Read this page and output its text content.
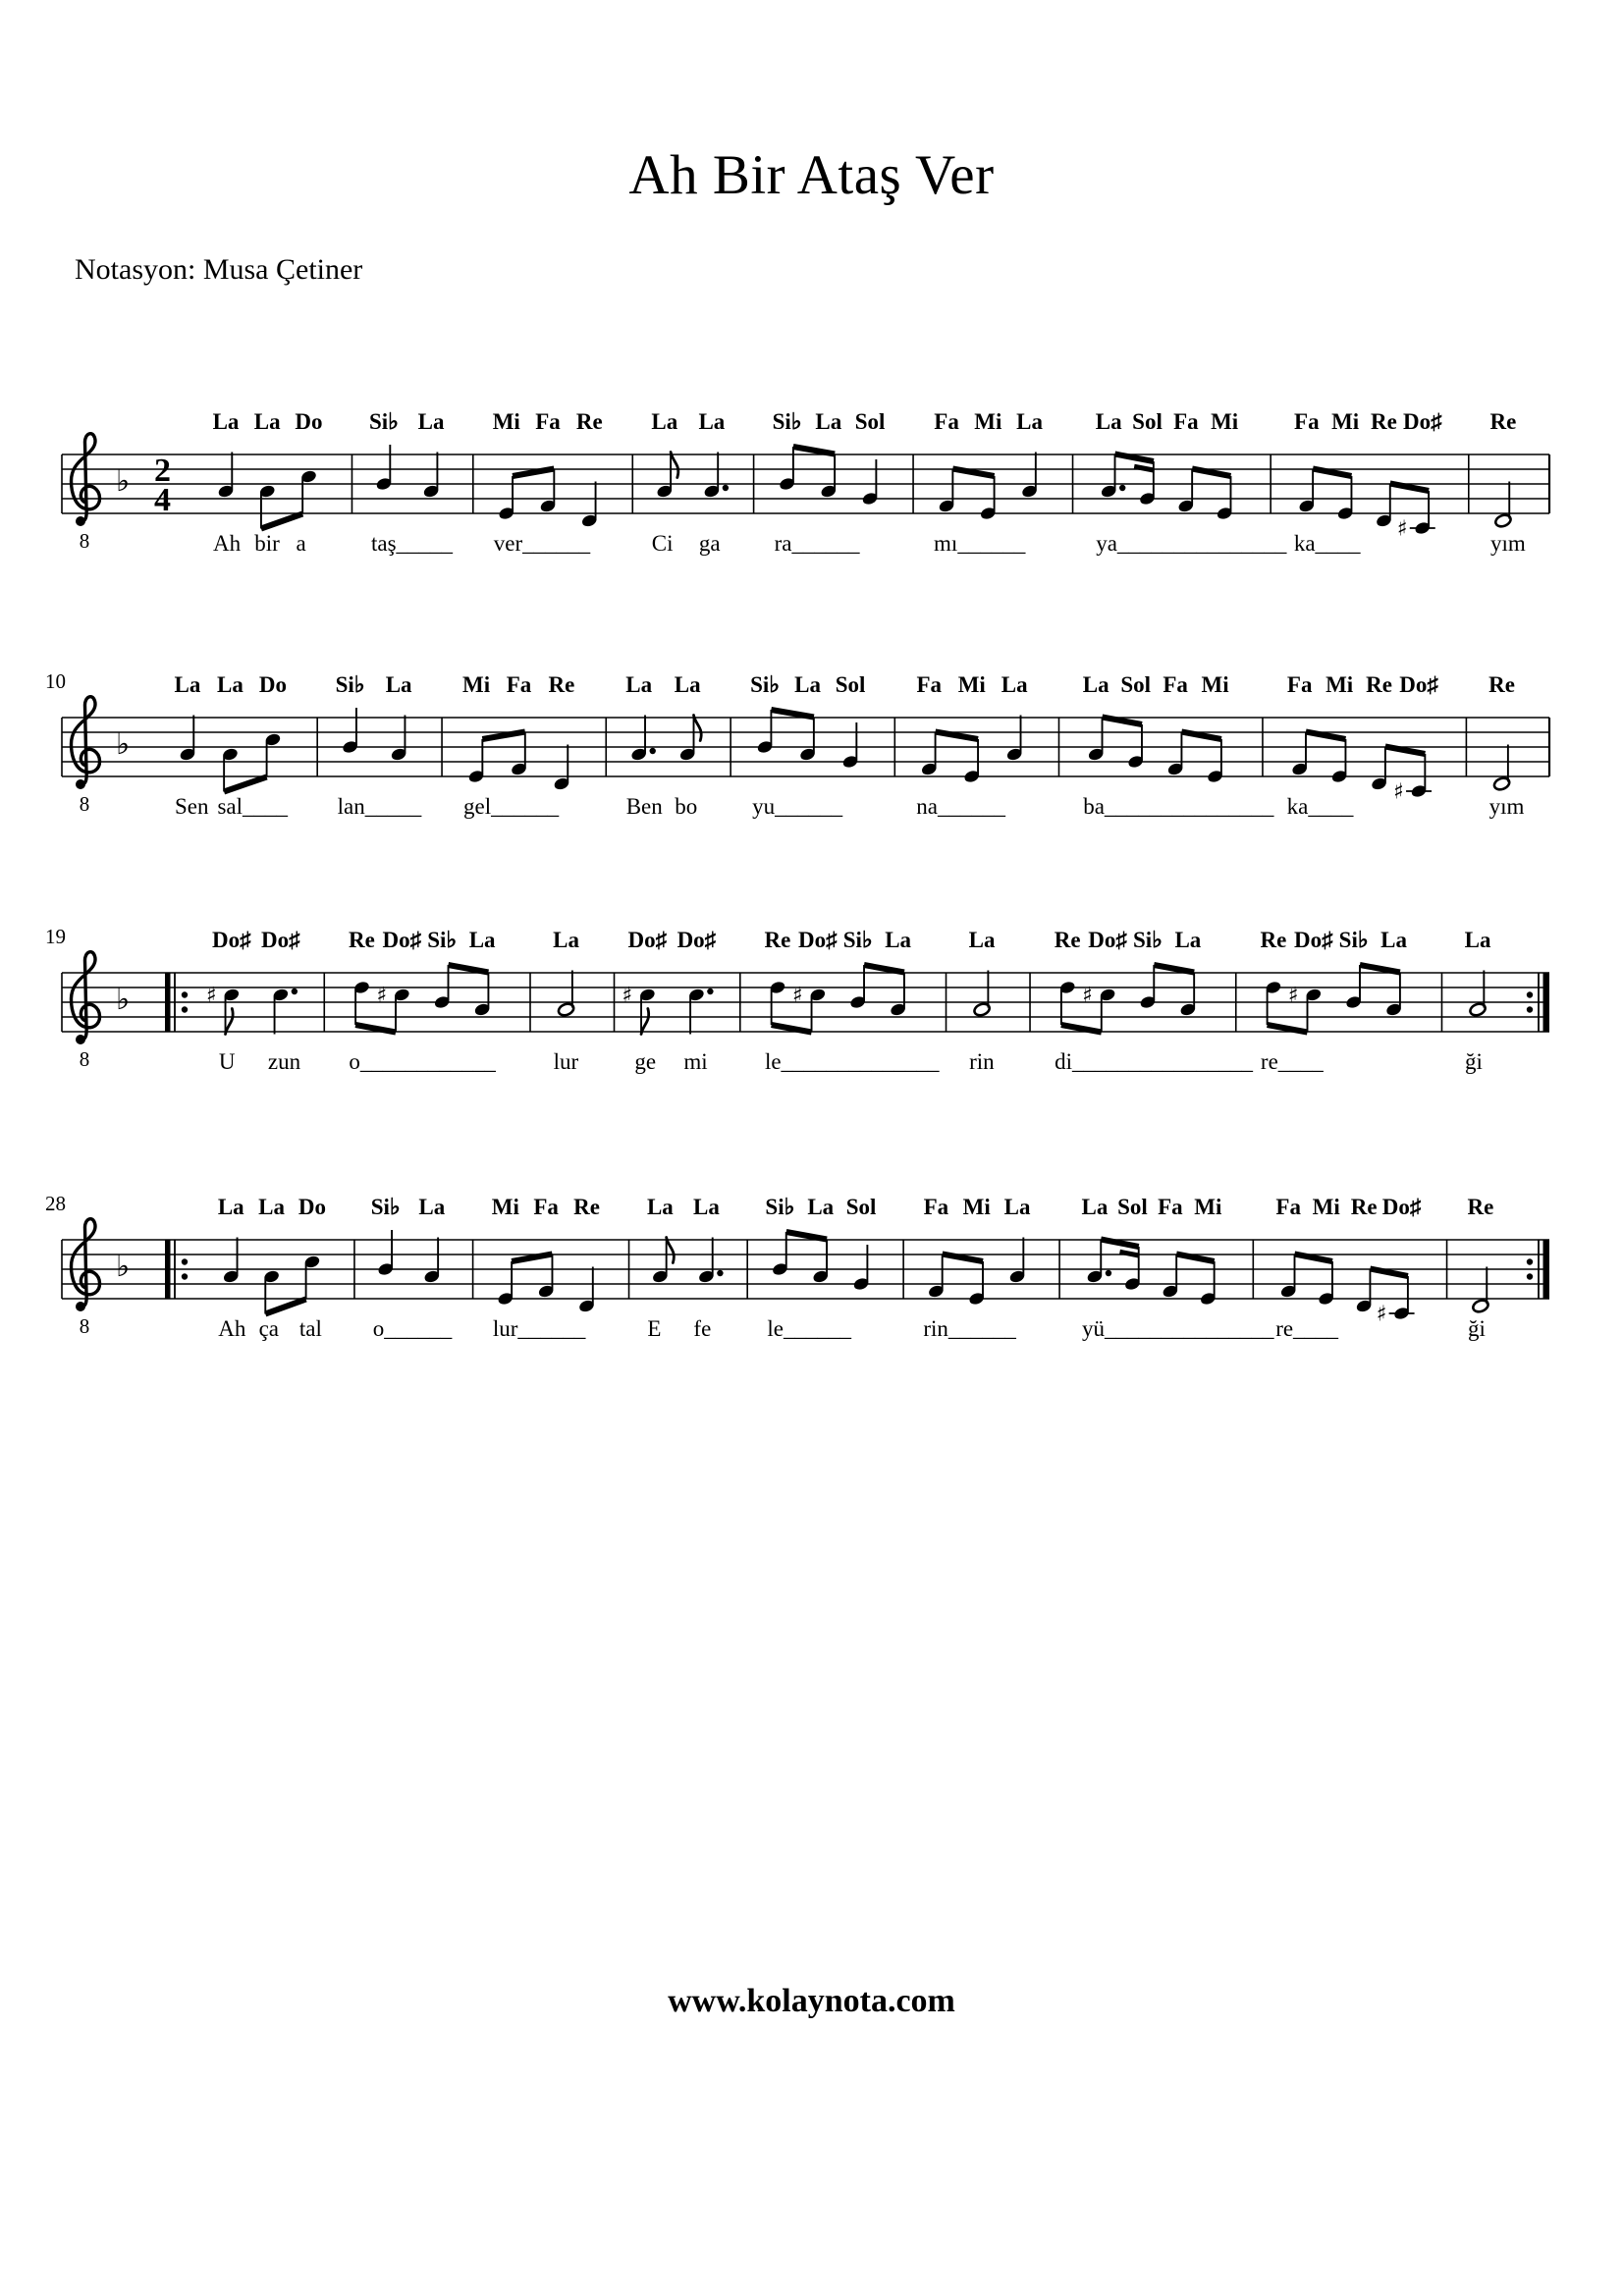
Ah Bir Ataş Ver
Notasyon: Musa Çetiner
8
♭ 2
4
La
Ah
La
bir
Do
a
Si♭
taş_____
La Mi
ver______
Fa Re La
Ci
La
ga
Si♭
ra______
La Sol Fa
mı______
Mi La La
ya_______________
Sol Fa Mi Fa
ka____
Mi Re Do♯
♯
Re
yım
8
♭
10	La
Sen
La
sal____
Do Si♭
lan_____
La Mi
gel______
Fa Re La
Ben
La
bo
Si♭
yu______
La Sol Fa
na______
Mi La La
ba_______________
Sol Fa Mi	Fa
ka____
Mi Re Do♯
♯
Re
yım
8
♭
19	Do♯
U
♯
Do♯
zun
Re
o____________
Do♯
♯
Si♭ La	La
lur
Do♯
ge
♯
Do♯
mi
Re
le______________
Do♯
♯
Si♭ La	La
rin
Re
di________________
Do♯
♯
Si♭ La	Re
re____
Do♯
♯
Si♭ La	La
ği
8
♭
28	La
Ah
La
ça
Do
tal
Si♭
o______
La Mi
lur______
Fa Re La
E
La
fe
Si♭
le______
La Sol Fa
rin______
Mi La La
yü_______________
Sol Fa Mi Fa
re____
Mi Re Do♯
♯
Re
ği
www.kolaynota.com
